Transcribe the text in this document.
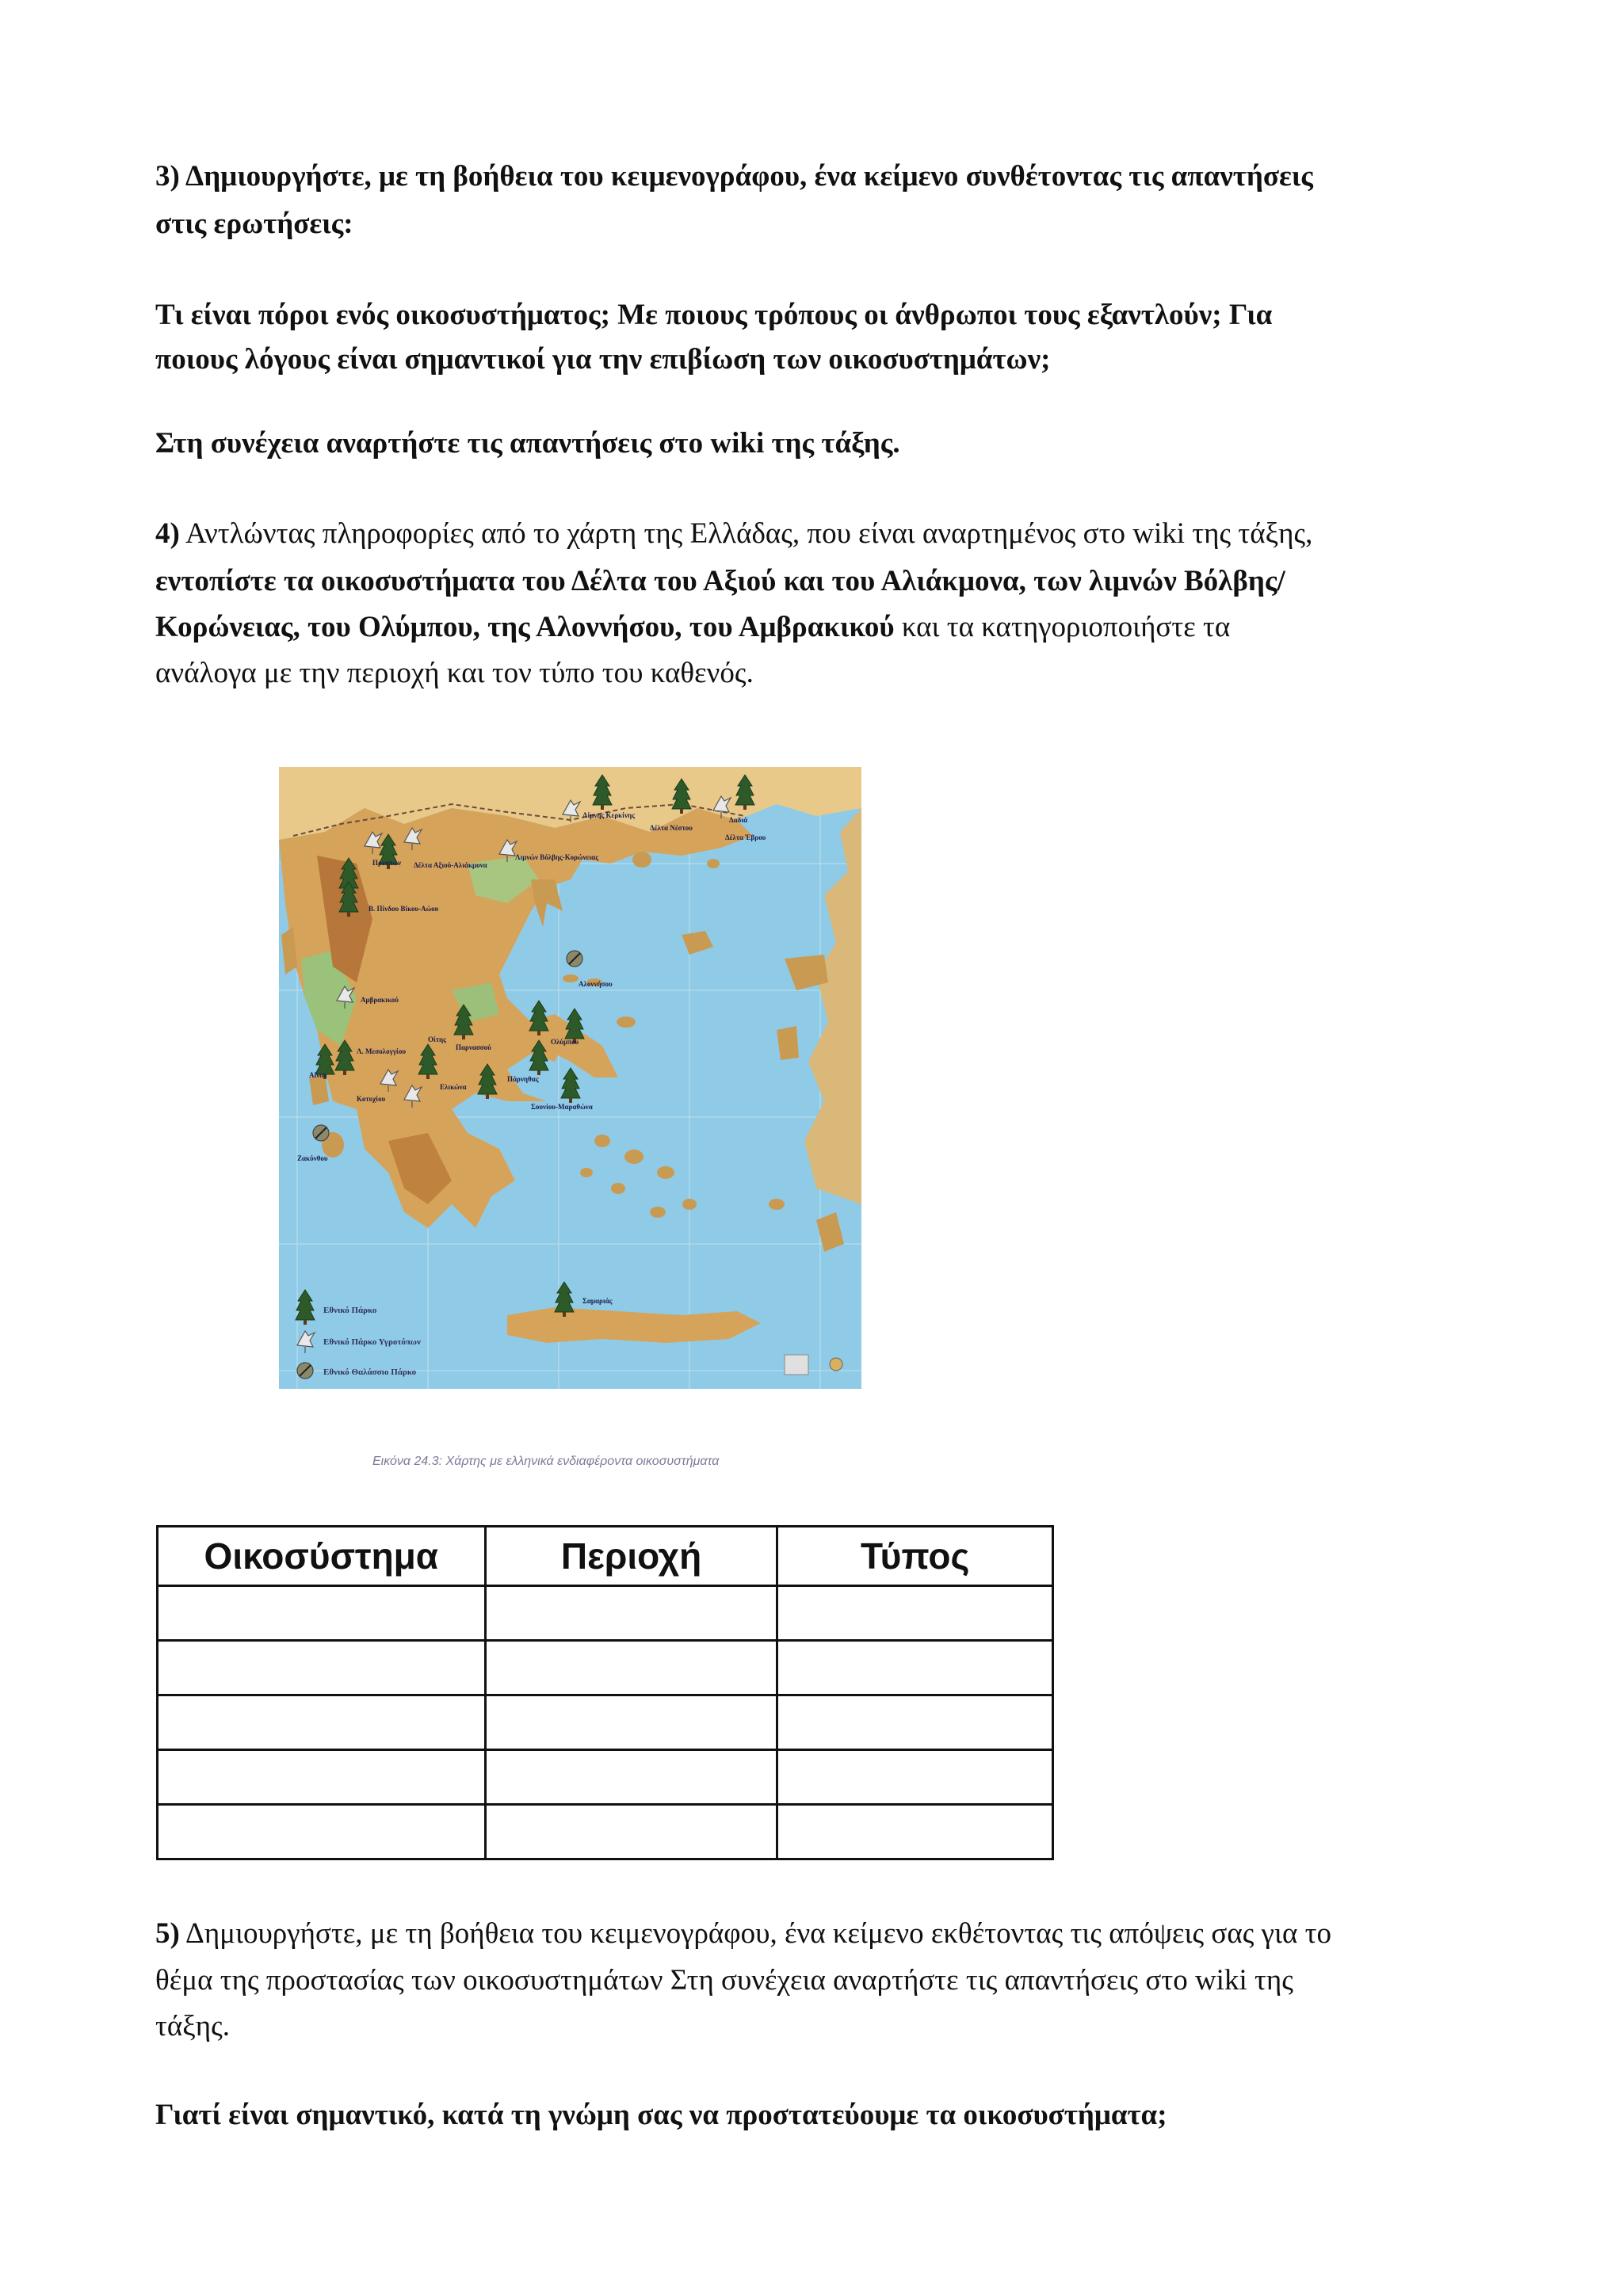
3) Δημιουργήστε, με τη βοήθεια του κειμενογράφου, ένα κείμενο συνθέτοντας τις απαντήσεις
στις ερωτήσεις:
Τι είναι πόροι ενός οικοσυστήματος; Με ποιους τρόπους οι άνθρωποι τους εξαντλούν; Για
ποιους λόγους είναι σημαντικοί για την επιβίωση των οικοσυστημάτων;
Στη συνέχεια αναρτήστε τις απαντήσεις στο wiki της τάξης.
4) Αντλώντας πληροφορίες από το χάρτη της Ελλάδας, που είναι αναρτημένος στο wiki της τάξης,
εντοπίστε τα οικοσυστήματα του Δέλτα του Αξιού και του Αλιάκμονα, των λιμνών Βόλβης/
Κορώνειας, του Ολύμπου, της Αλοννήσου, του Αμβρακικού και τα κατηγοριοποιήστε τα
ανάλογα με την περιοχή και τον τύπο του καθενός.
Λίμνης Κερκίνης
Δέλτα Νέστου
Δαδιά
Δέλτα Έβρου
Πρεσπών Δέλτα Αξιού-Αλιάκμονα
Λιμνών Βόλβης-Κορώνειας
Β. Πίνδου Βίκου-Αώου
Αλοννήσου
Αμβρακικού
Οίτης
Παρνασσού
Ολύμπου
Λ. Μεσολογγίου
Αίνου	Πάρνηθας
Ελικώνα
Κοτυχίου
Σουνίου-Μαραθώνα
Ζακύνθου
Σαμαριάς
Εθνικό Πάρκο
Εθνικό Πάρκο Υγροτόπων
Εθνικό Θαλάσσιο Πάρκο
Εικόνα 24.3: Χάρτης με ελληνικά ενδιαφέροντα οικοσυστήματα
Οικοσύστημα	Περιοχή	Τύπος

5) Δημιουργήστε, με τη βοήθεια του κειμενογράφου, ένα κείμενο εκθέτοντας τις απόψεις σας για το
θέμα της προστασίας των οικοσυστημάτων Στη συνέχεια αναρτήστε τις απαντήσεις στο wiki της
τάξης.
Γιατί είναι σημαντικό, κατά τη γνώμη σας να προστατεύουμε τα οικοσυστήματα;
